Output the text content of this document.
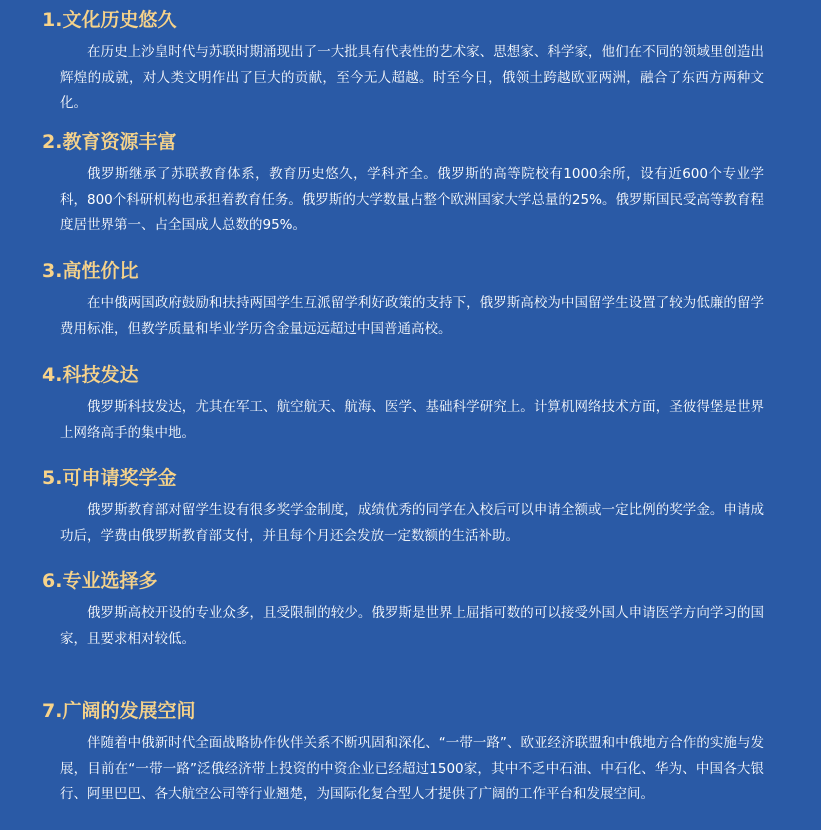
1.文化历史悠久

在历史上沙皇时代与苏联时期涌现出了一大批具有代表性的艺术家、思想家、科学家，他们在不同的领域里创造出辉煌的成就，对人类文明作出了巨大的贡献，至今无人超越。时至今日，俄领土跨越欧亚两洲，融合了东西方两种文化。

2.教育资源丰富

俄罗斯继承了苏联教育体系，教育历史悠久，学科齐全。俄罗斯的高等院校有1000余所，设有近600个专业学科，800个科研机构也承担着教育任务。俄罗斯的大学数量占整个欧洲国家大学总量的25%。俄罗斯国民受高等教育程度居世界第一、占全国成人总数的95%。

3.高性价比

在中俄两国政府鼓励和扶持两国学生互派留学利好政策的支持下，俄罗斯高校为中国留学生设置了较为低廉的留学费用标准，但教学质量和毕业学历含金量远远超过中国普通高校。

4.科技发达

俄罗斯科技发达，尤其在军工、航空航天、航海、医学、基础科学研究上。计算机网络技术方面，圣彼得堡是世界上网络高手的集中地。

5.可申请奖学金

俄罗斯教育部对留学生设有很多奖学金制度，成绩优秀的同学在入校后可以申请全额或一定比例的奖学金。申请成功后，学费由俄罗斯教育部支付，并且每个月还会发放一定数额的生活补助。

6.专业选择多

俄罗斯高校开设的专业众多，且受限制的较少。俄罗斯是世界上屈指可数的可以接受外国人申请医学方向学习的国家，且要求相对较低。

7.广阔的发展空间

伴随着中俄新时代全面战略协作伙伴关系不断巩固和深化、“一带一路”、欧亚经济联盟和中俄地方合作的实施与发展，目前在“一带一路”泛俄经济带上投资的中资企业已经超过1500家，其中不乏中石油、中石化、华为、中国各大银行、阿里巴巴、各大航空公司等行业翘楚，为国际化复合型人才提供了广阔的工作平台和发展空间。
